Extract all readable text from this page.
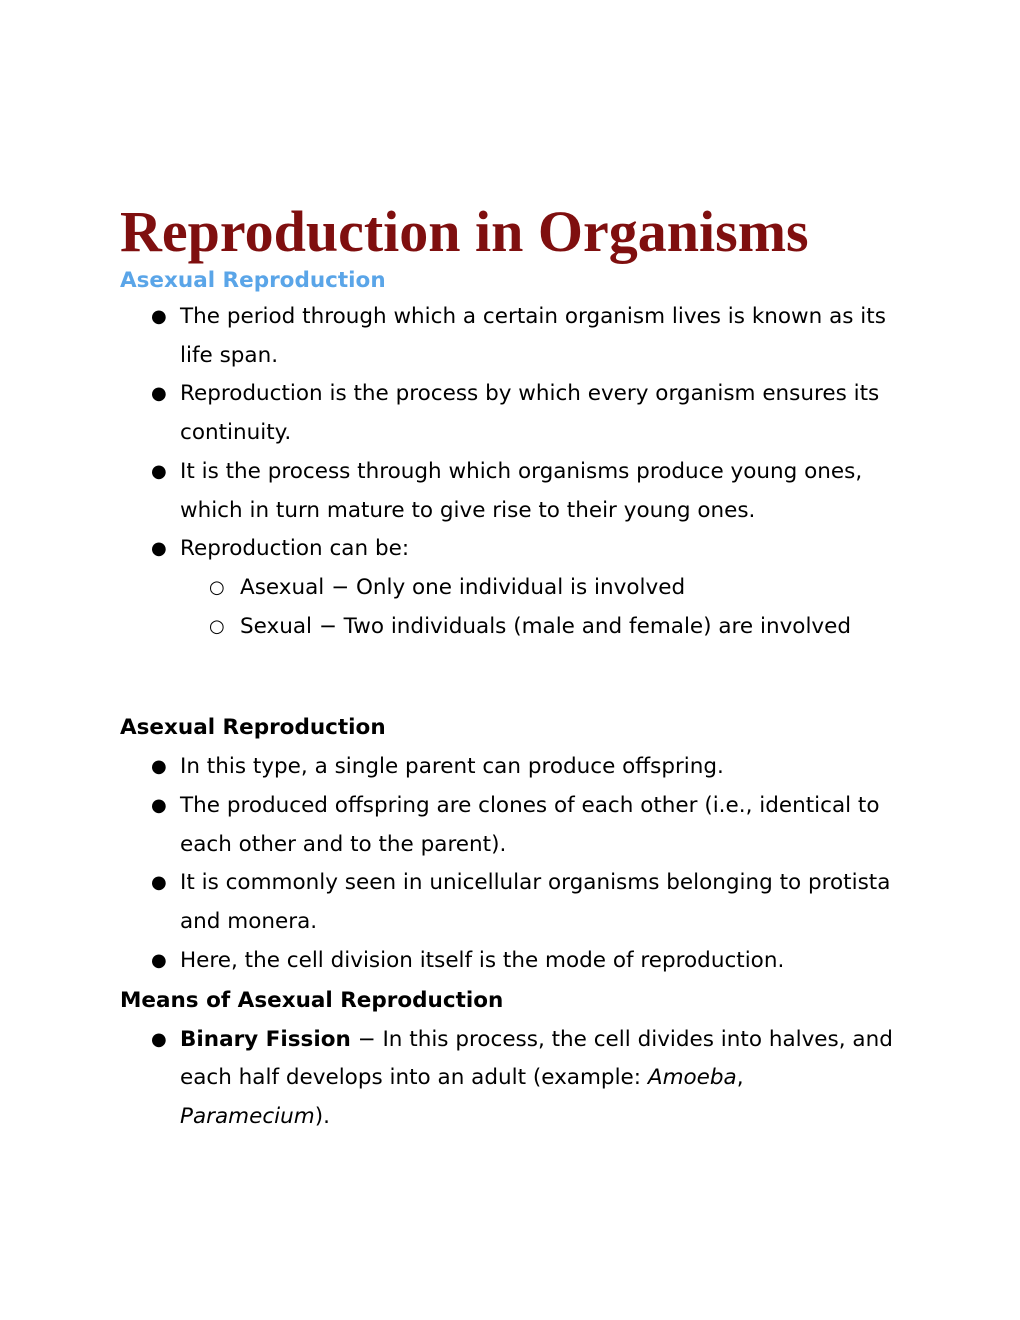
Reproduction in Organisms
Asexual Reproduction
● The period through which a certain organism lives is known as its life span.
● Reproduction is the process by which every organism ensures its continuity.
● It is the process through which organisms produce young ones, which in turn mature to give rise to their young ones.
● Reproduction can be:
○ Asexual − Only one individual is involved
○ Sexual − Two individuals (male and female) are involved
Asexual Reproduction
● In this type, a single parent can produce offspring.
● The produced offspring are clones of each other (i.e., identical to each other and to the parent).
● It is commonly seen in unicellular organisms belonging to protista and monera.
● Here, the cell division itself is the mode of reproduction.
Means of Asexual Reproduction
● Binary Fission − In this process, the cell divides into halves, and each half develops into an adult (example: Amoeba, Paramecium).
